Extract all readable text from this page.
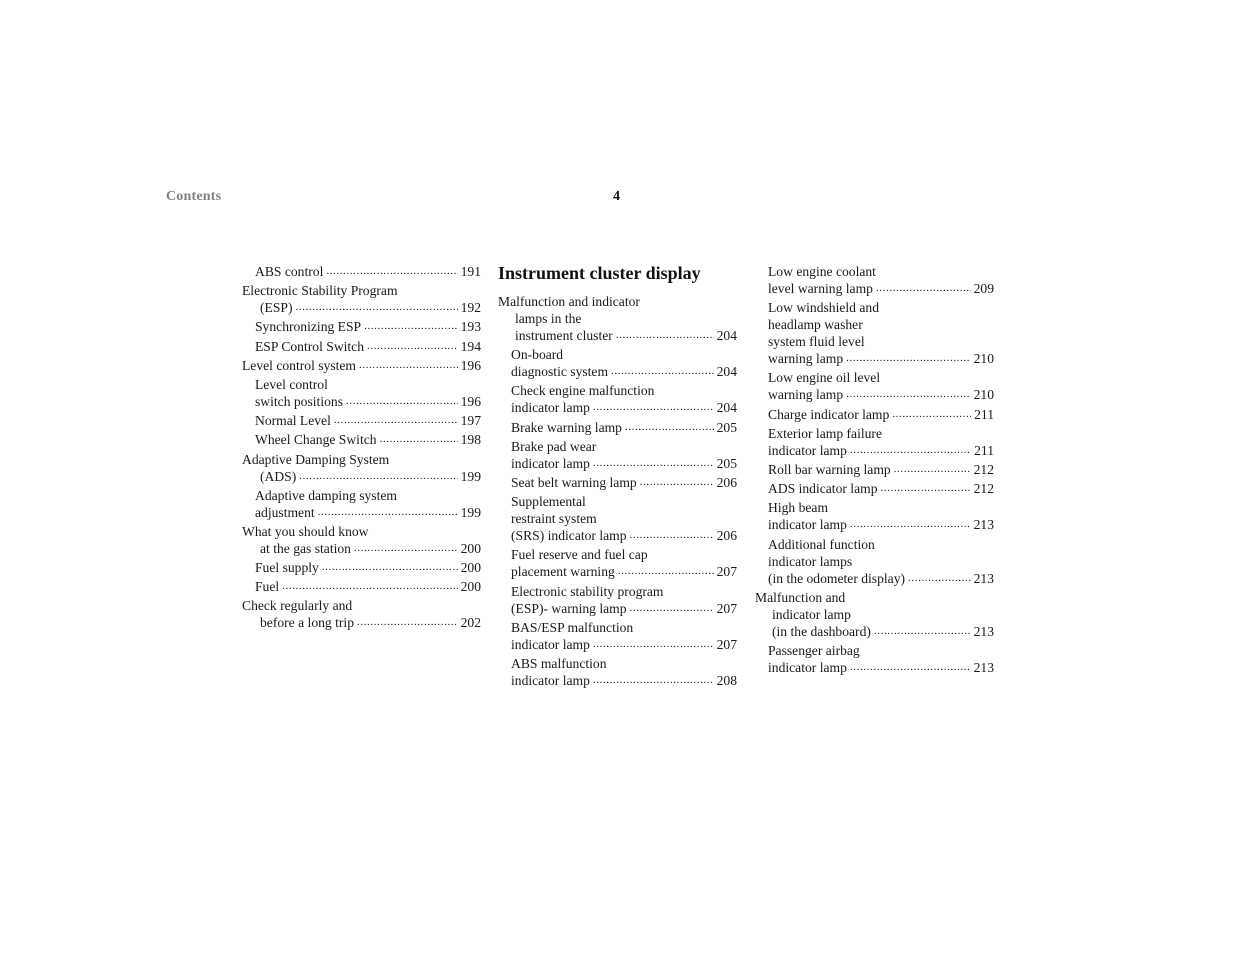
Contents	4
ABS control .....	191
Electronic Stability Program
(ESP) .....	192
Synchronizing ESP .....	193
ESP Control Switch .....	194
Level control system .....	196
Level control
switch positions .....	196
Normal Level .....	197
Wheel Change Switch .....	198
Adaptive Damping System
(ADS) .....	199
Adaptive damping system
adjustment .....	199
What you should know
at the gas station .....	200
Fuel supply .....	200
Fuel .....	200
Check regularly and
before a long trip .....	202
Instrument cluster display
Malfunction and indicator
lamps in the
instrument cluster .....	204
On-board
diagnostic system .....	204
Check engine malfunction
indicator lamp .....	204
Brake warning lamp .....	205
Brake pad wear
indicator lamp .....	205
Seat belt warning lamp .....	206
Supplemental
restraint system
(SRS) indicator lamp .....	206
Fuel reserve and fuel cap
placement warning .....	207
Electronic stability program
(ESP)- warning lamp .....	207
BAS/ESP malfunction
indicator lamp .....	207
ABS malfunction
indicator lamp .....	208
Low engine coolant
level warning lamp .....	209
Low windshield and
headlamp washer
system fluid level
warning lamp .....	210
Low engine oil level
warning lamp .....	210
Charge indicator lamp .....	211
Exterior lamp failure
indicator lamp .....	211
Roll bar warning lamp .....	212
ADS indicator lamp .....	212
High beam
indicator lamp .....	213
Additional function
indicator lamps
(in the odometer display) .....	213
Malfunction and
indicator lamp
(in the dashboard) .....	213
Passenger airbag
indicator lamp .....	213
